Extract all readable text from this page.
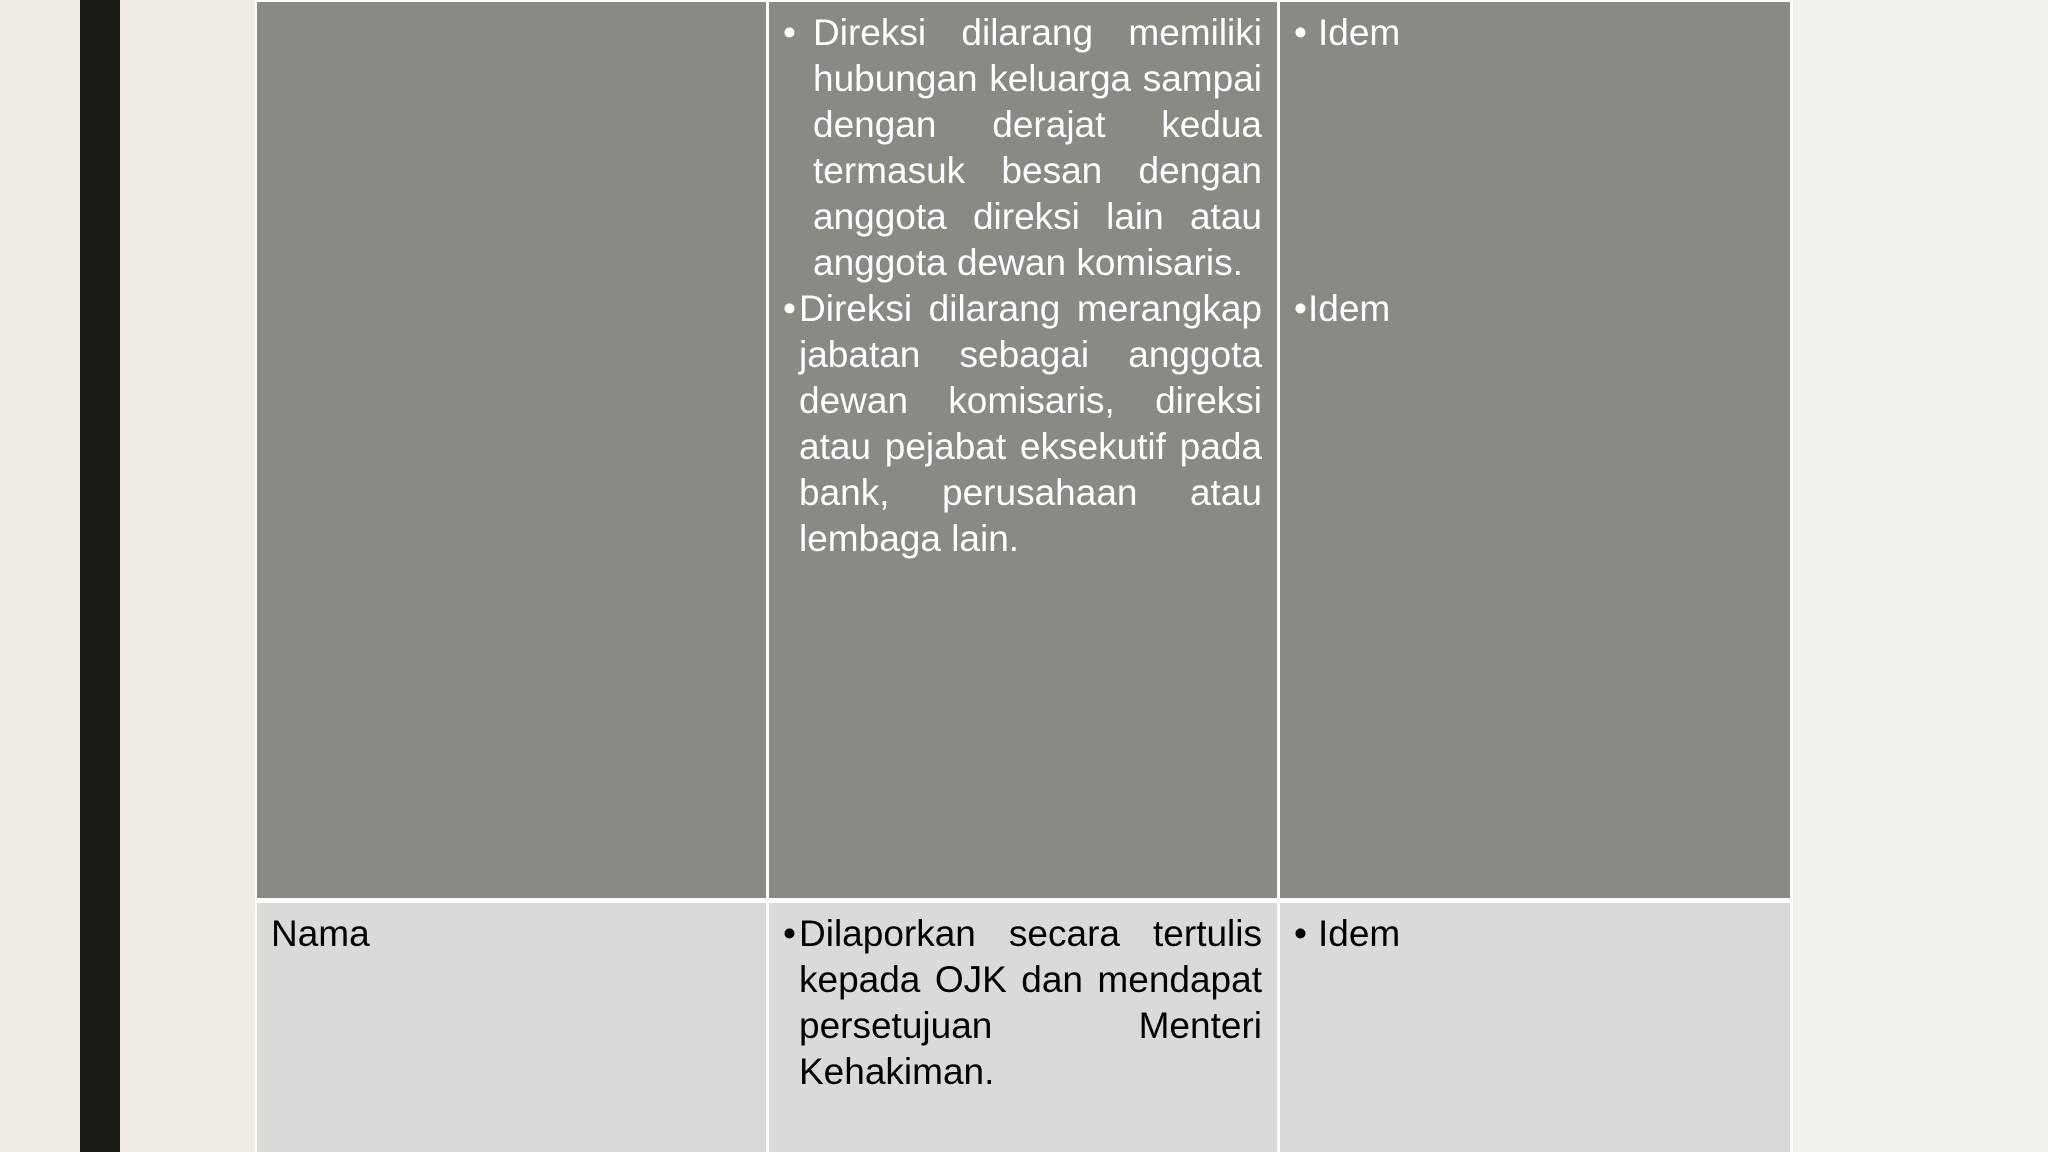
• Direksi dilarang memiliki hubungan keluarga sampai dengan derajat kedua termasuk besan dengan anggota direksi lain atau anggota dewan komisaris.
• Direksi dilarang merangkap jabatan sebagai anggota dewan komisaris, direksi atau pejabat eksekutif pada bank, perusahaan atau lembaga lain.
• Idem
• Idem
Nama	• Dilaporkan secara tertulis kepada OJK dan mendapat persetujuan Menteri Kehakiman.
• Idem
